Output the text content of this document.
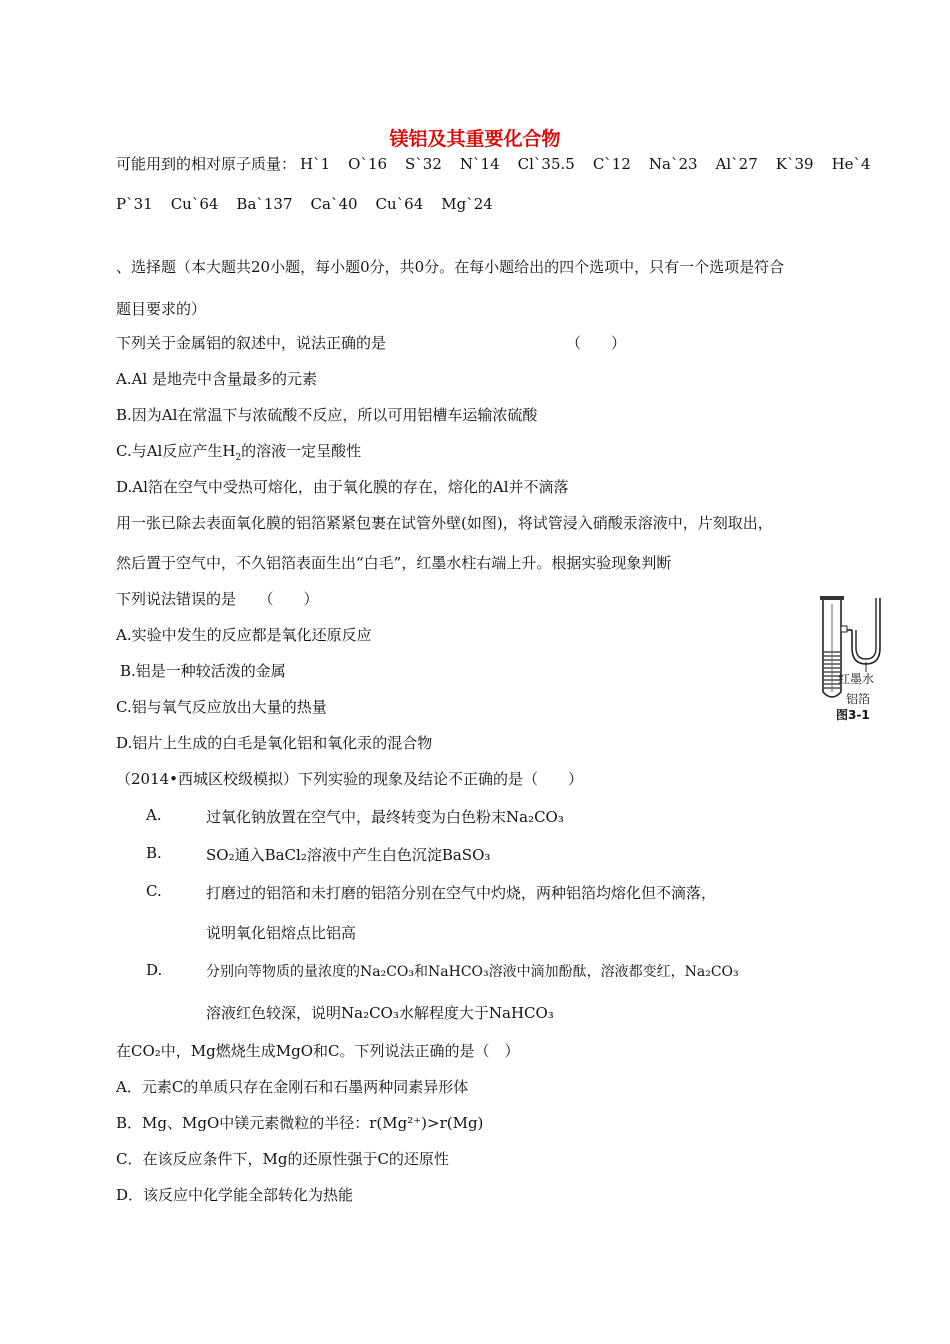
镁铝及其重要化合物
可能用到的相对原子质量： H`1 O`16 S`32 N`14 Cl`35.5 C`12 Na`23 Al`27 K`39 He`4
P`31 Cu`64 Ba`137 Ca`40 Cu`64 Mg`24
、选择题（本大题共20小题，每小题0分，共0分。在每小题给出的四个选项中，只有一个选项是符合
题目要求的）
下列关于金属铝的叙述中，说法正确的是	（　　）
A.Al 是地壳中含量最多的元素
B.因为Al在常温下与浓硫酸不反应，所以可用铝槽车运输浓硫酸
C.与Al反应产生$H_2$的溶液一定呈酸性
D.Al箔在空气中受热可熔化，由于氧化膜的存在，熔化的Al并不滴落
用一张已除去表面氧化膜的铝箔紧紧包裹在试管外壁(如图)，将试管浸入硝酸汞溶液中，片刻取出，
然后置于空气中，不久铝箔表面生出“白毛”，红墨水柱右端上升。根据实验现象判断
下列说法错误的是　　（　　）
A.实验中发生的反应都是氧化还原反应
B.铝是一种较活泼的金属
C.铝与氧气反应放出大量的热量
D.铝片上生成的白毛是氧化铝和氧化汞的混合物
红墨水
铝箔
图3-1
（2014•西城区校级模拟）下列实验的现象及结论不正确的是（　　）
A.	过氧化钠放置在空气中，最终转变为白色粉末Na₂CO₃
B.	SO₂通入BaCl₂溶液中产生白色沉淀BaSO₃
C.	打磨过的铝箔和未打磨的铝箔分别在空气中灼烧，两种铝箔均熔化但不滴落，
说明氧化铝熔点比铝高
D.	分别向等物质的量浓度的Na₂CO₃和NaHCO₃溶液中滴加酚酞，溶液都变红，Na₂CO₃
溶液红色较深，说明Na₂CO₃水解程度大于NaHCO₃
在CO₂中，Mg燃烧生成MgO和C。下列说法正确的是（　）
A．元素C的单质只存在金刚石和石墨两种同素异形体
B．Mg、MgO中镁元素微粒的半径：r(Mg²⁺)>r(Mg)
C．在该反应条件下，Mg的还原性强于C的还原性
D．该反应中化学能全部转化为热能
